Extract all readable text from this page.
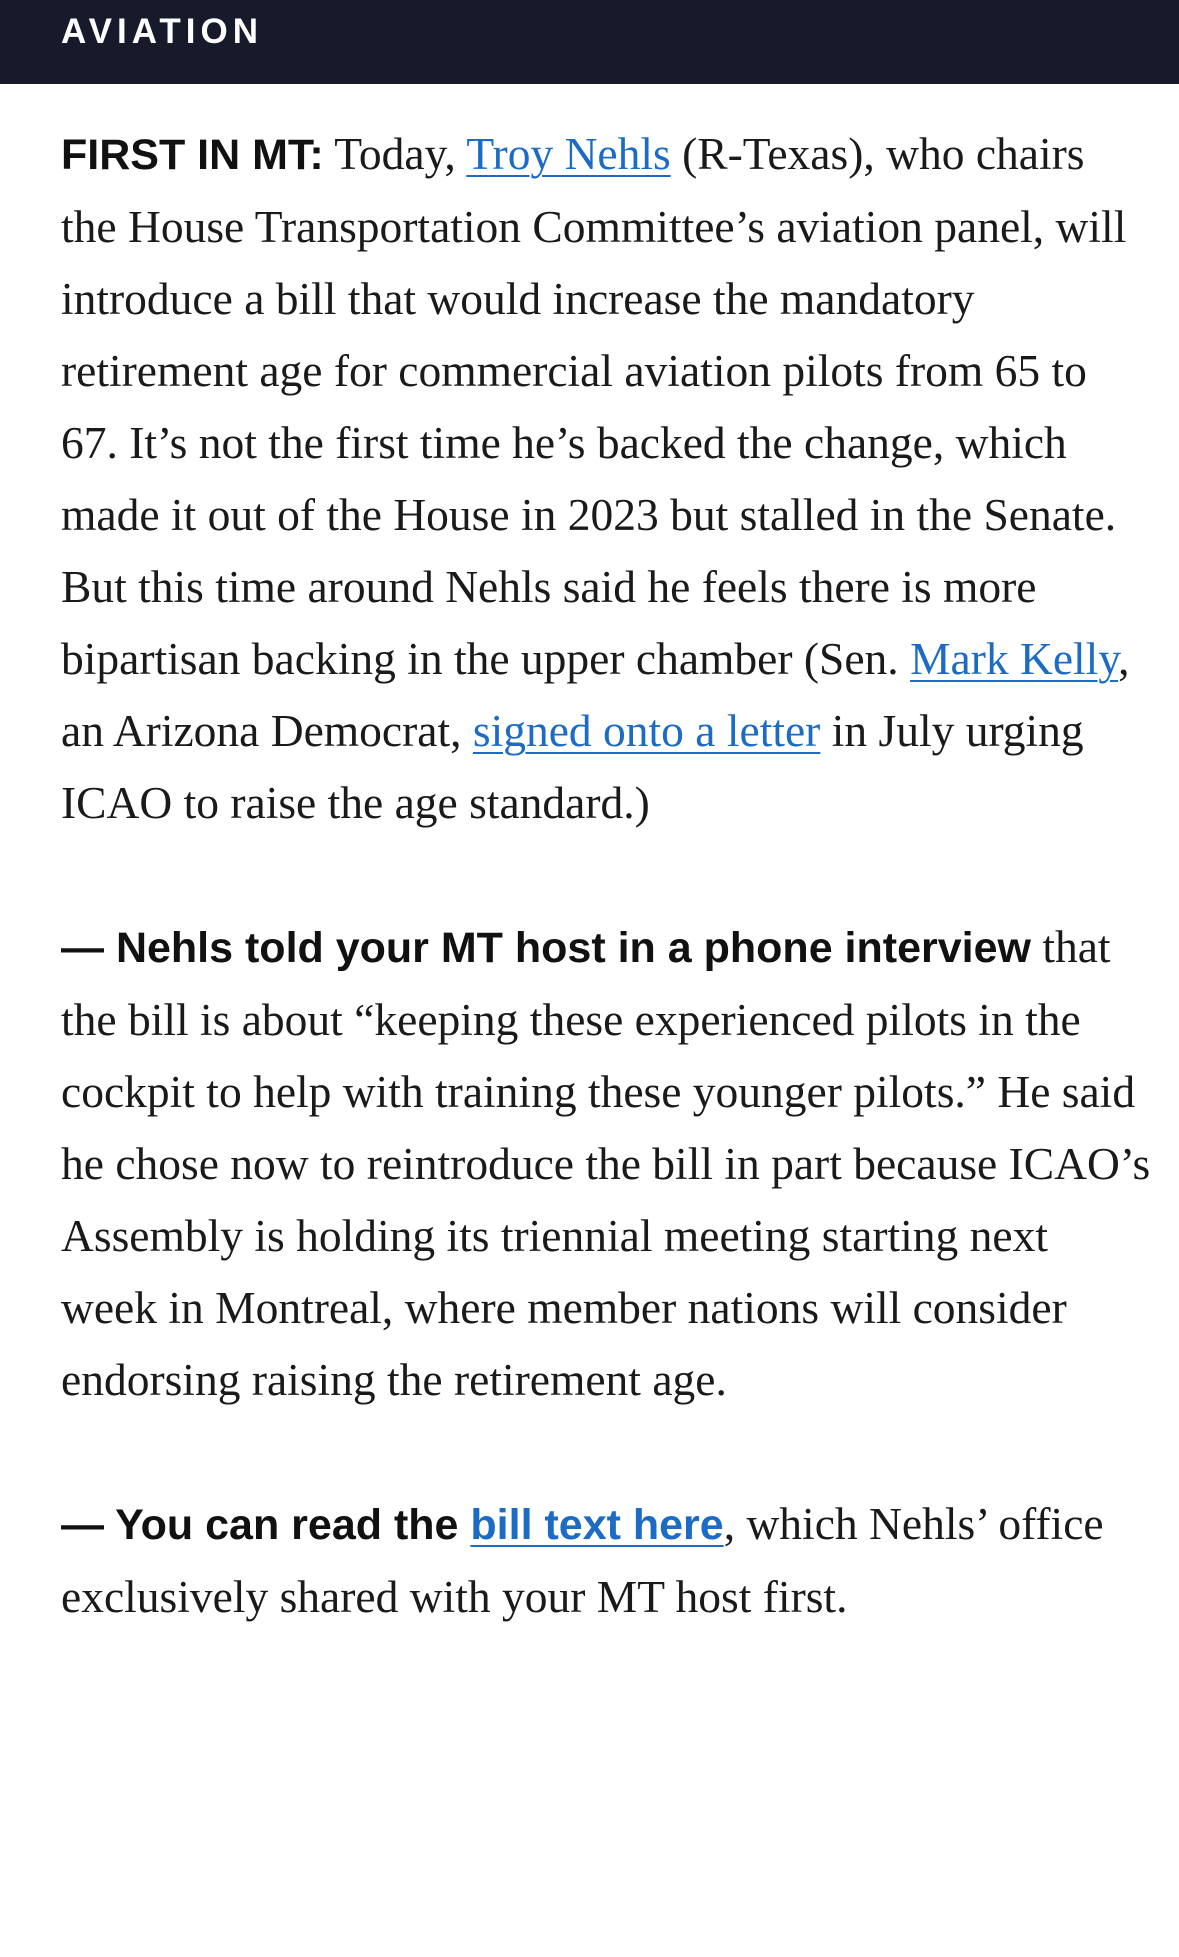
AVIATION

FIRST IN MT: Today, Troy Nehls (R-Texas), who chairs the House Transportation Committee’s aviation panel, will introduce a bill that would increase the mandatory retirement age for commercial aviation pilots from 65 to 67. It’s not the first time he’s backed the change, which made it out of the House in 2023 but stalled in the Senate. But this time around Nehls said he feels there is more bipartisan backing in the upper chamber (Sen. Mark Kelly, an Arizona Democrat, signed onto a letter in July urging ICAO to raise the age standard.)

— Nehls told your MT host in a phone interview that the bill is about “keeping these experienced pilots in the cockpit to help with training these younger pilots.” He said he chose now to reintroduce the bill in part because ICAO’s Assembly is holding its triennial meeting starting next week in Montreal, where member nations will consider endorsing raising the retirement age.

— You can read the bill text here, which Nehls’ office exclusively shared with your MT host first.
